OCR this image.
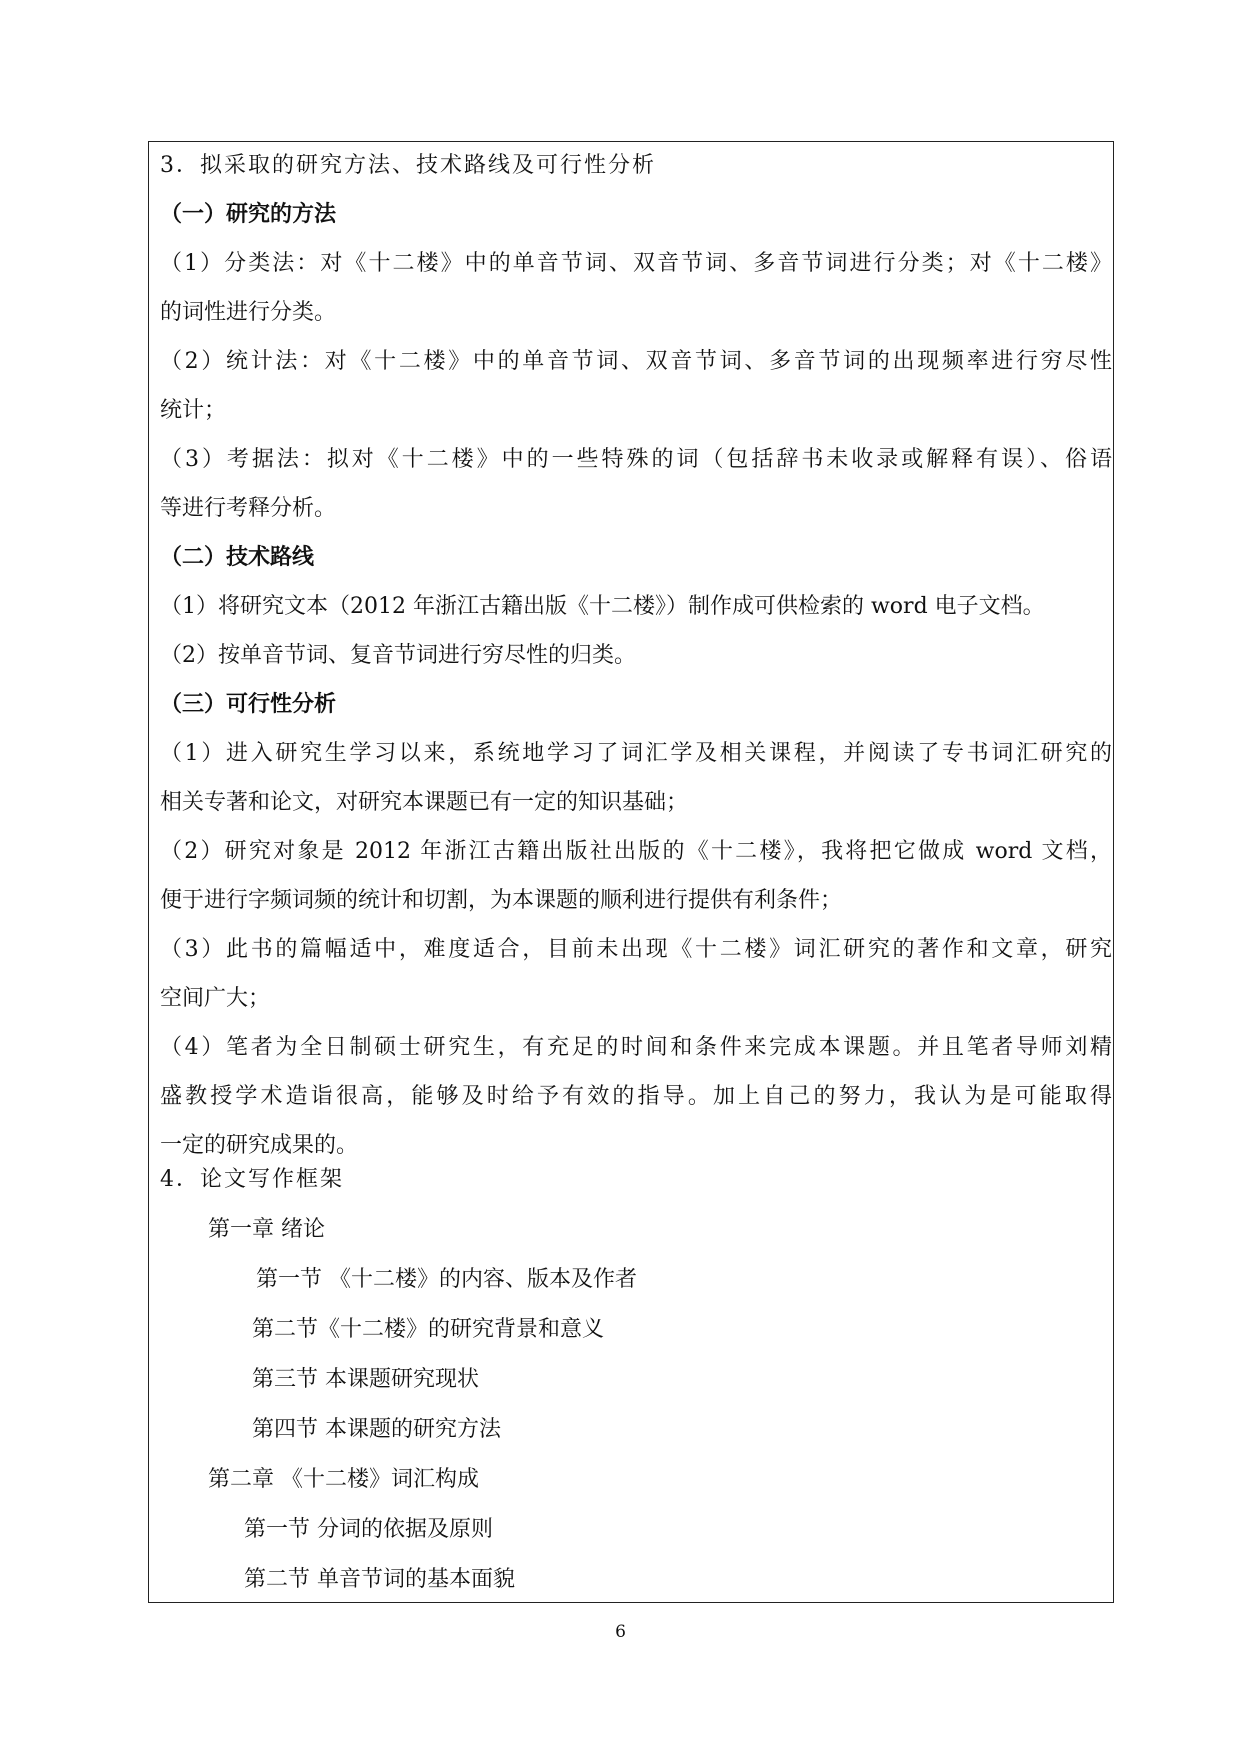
3．拟采取的研究方法、技术路线及可行性分析
（一）研究的方法
（1）分类法：对《十二楼》中的单音节词、双音节词、多音节词进行分类；对《十二楼》
的词性进行分类。
（2）统计法：对《十二楼》中的单音节词、双音节词、多音节词的出现频率进行穷尽性
统计；
（3）考据法：拟对《十二楼》中的一些特殊的词（包括辞书未收录或解释有误）、俗语
等进行考释分析。
（二）技术路线
（1）将研究文本（2012 年浙江古籍出版《十二楼》）制作成可供检索的 word 电子文档。
（2）按单音节词、复音节词进行穷尽性的归类。
（三）可行性分析
（1）进入研究生学习以来，系统地学习了词汇学及相关课程，并阅读了专书词汇研究的
相关专著和论文，对研究本课题已有一定的知识基础；
（2）研究对象是 2012 年浙江古籍出版社出版的《十二楼》，我将把它做成 word 文档，
便于进行字频词频的统计和切割，为本课题的顺利进行提供有利条件；
（3）此书的篇幅适中，难度适合，目前未出现《十二楼》词汇研究的著作和文章，研究
空间广大；
（4）笔者为全日制硕士研究生，有充足的时间和条件来完成本课题。并且笔者导师刘精
盛教授学术造诣很高，能够及时给予有效的指导。加上自己的努力，我认为是可能取得
一定的研究成果的。
4．论文写作框架
第一章 绪论
第一节 《十二楼》的内容、版本及作者
第二节《十二楼》的研究背景和意义
第三节 本课题研究现状
第四节 本课题的研究方法
第二章 《十二楼》词汇构成
第一节 分词的依据及原则
第二节 单音节词的基本面貌
6
